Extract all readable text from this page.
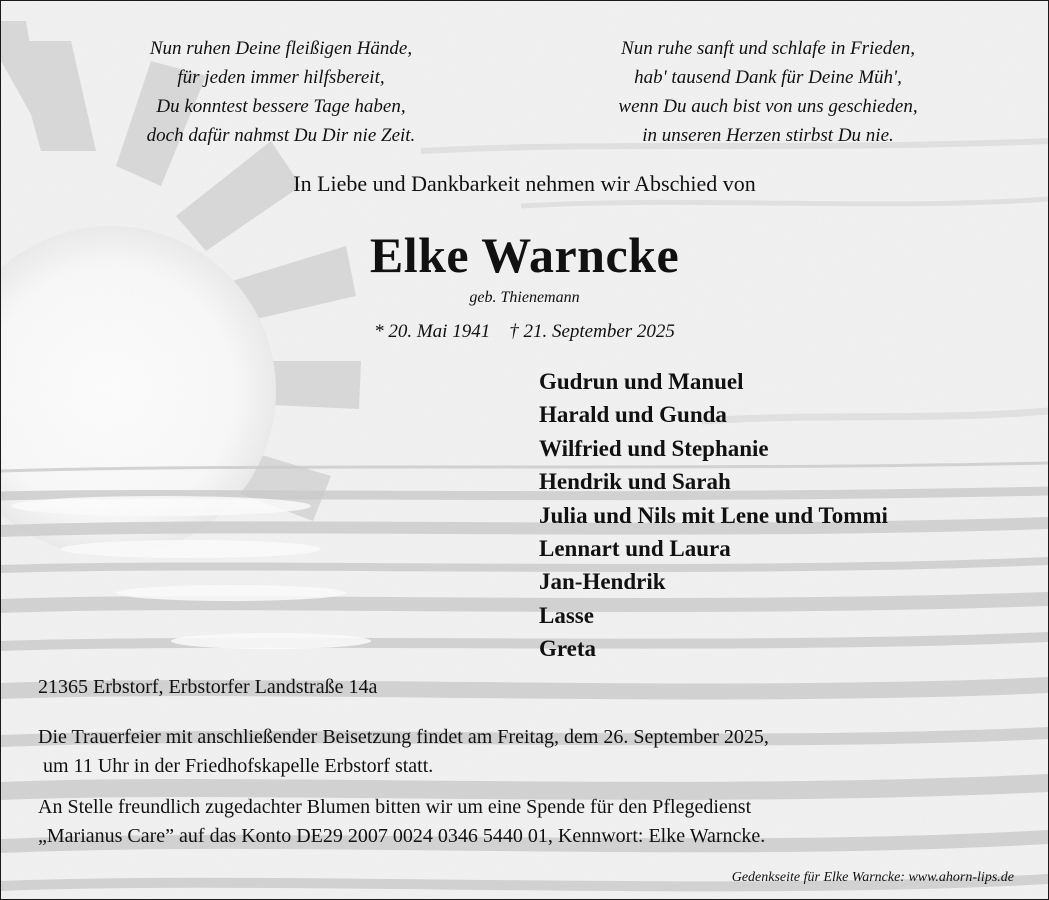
Nun ruhen Deine fleißigen Hände,
für jeden immer hilfsbereit,
Du konntest bessere Tage haben,
doch dafür nahmst Du Dir nie Zeit.
Nun ruhe sanft und schlafe in Frieden,
hab' tausend Dank für Deine Müh',
wenn Du auch bist von uns geschieden,
in unseren Herzen stirbst Du nie.
In Liebe und Dankbarkeit nehmen wir Abschied von
Elke Warncke
geb. Thienemann
* 20. Mai 1941    † 21. September 2025
Gudrun und Manuel
Harald und Gunda
Wilfried und Stephanie
Hendrik und Sarah
Julia und Nils mit Lene und Tommi
Lennart und Laura
Jan-Hendrik
Lasse
Greta
21365 Erbstorf, Erbstorfer Landstraße 14a
Die Trauerfeier mit anschließender Beisetzung findet am Freitag, dem 26. September 2025,
um 11 Uhr in der Friedhofskapelle Erbstorf statt.
An Stelle freundlich zugedachter Blumen bitten wir um eine Spende für den Pflegedienst
„Marianus Care” auf das Konto DE29 2007 0024 0346 5440 01, Kennwort: Elke Warncke.
Gedenkseite für Elke Warncke: www.ahorn-lips.de
